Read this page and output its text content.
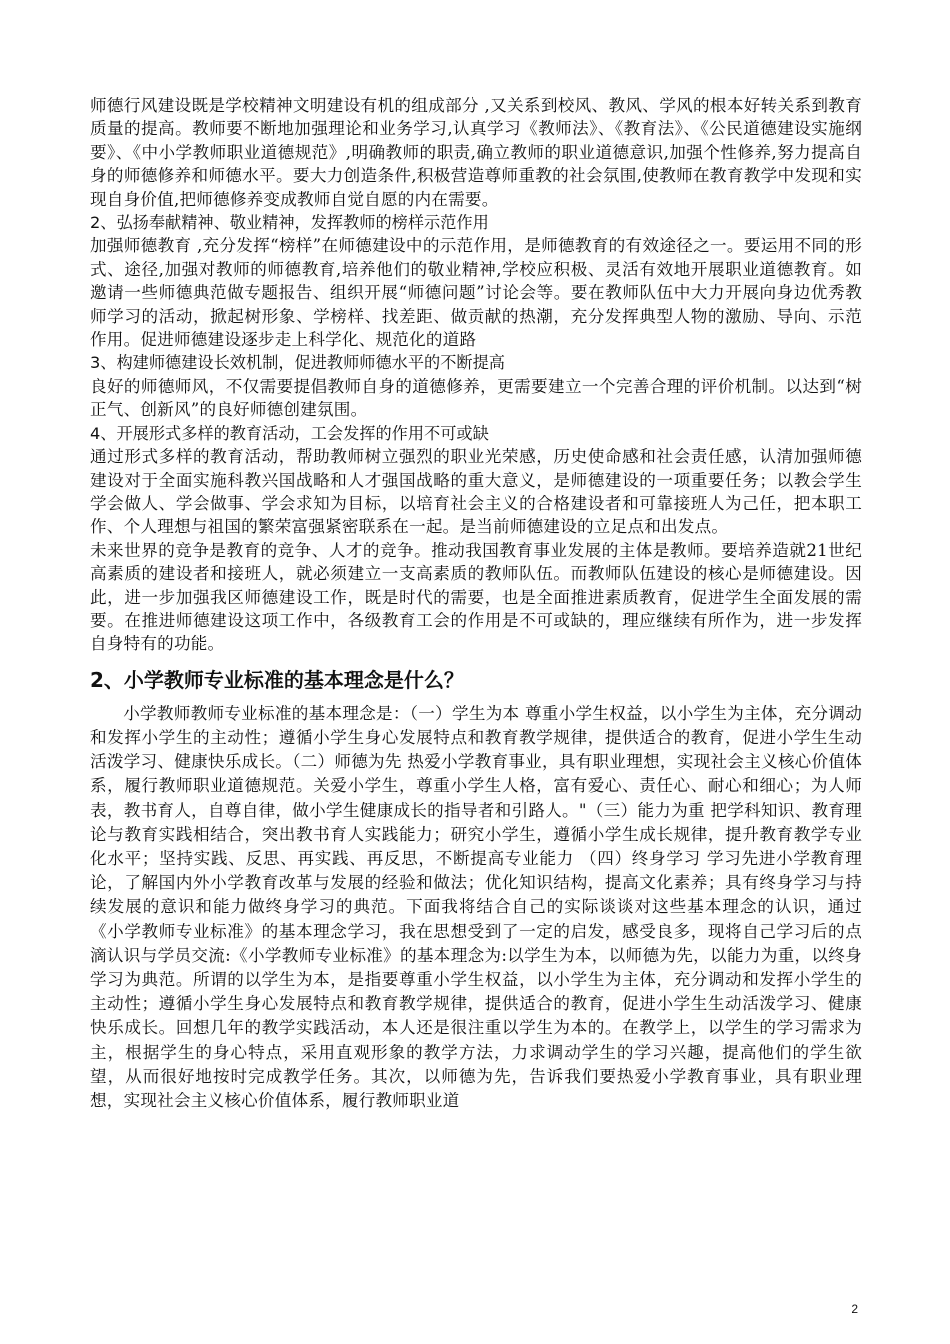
师德行风建设既是学校精神文明建设有机的组成部分 ,又关系到校风、教风、学风的根本好转关系到教育质量的提高。教师要不断地加强理论和业务学习,认真学习《教师法》、《教育法》、《公民道德建设实施纲要》、《中小学教师职业道德规范》,明确教师的职责,确立教师的职业道德意识,加强个性修养,努力提高自身的师德修养和师德水平。要大力创造条件,积极营造尊师重教的社会氛围,使教师在教育教学中发现和实现自身价值,把师德修养变成教师自觉自愿的内在需要。

2、弘扬奉献精神、敬业精神，发挥教师的榜样示范作用

加强师德教育 ,充分发挥“榜样”在师德建设中的示范作用，是师德教育的有效途径之一。要运用不同的形式、途径,加强对教师的师德教育,培养他们的敬业精神,学校应积极、灵活有效地开展职业道德教育。如邀请一些师德典范做专题报告、组织开展“师德问题”讨论会等。要在教师队伍中大力开展向身边优秀教师学习的活动，掀起树形象、学榜样、找差距、做贡献的热潮，充分发挥典型人物的激励、导向、示范作用。促进师德建设逐步走上科学化、规范化的道路

3、构建师德建设长效机制，促进教师师德水平的不断提高

良好的师德师风，不仅需要提倡教师自身的道德修养，更需要建立一个完善合理的评价机制。以达到“树正气、创新风”的良好师德创建氛围。

4、开展形式多样的教育活动，工会发挥的作用不可或缺

通过形式多样的教育活动，帮助教师树立强烈的职业光荣感，历史使命感和社会责任感，认清加强师德建设对于全面实施科教兴国战略和人才强国战略的重大意义，是师德建设的一项重要任务；以教会学生学会做人、学会做事、学会求知为目标，以培育社会主义的合格建设者和可靠接班人为己任，把本职工作、个人理想与祖国的繁荣富强紧密联系在一起。是当前师德建设的立足点和出发点。

未来世界的竞争是教育的竞争、人才的竞争。推动我国教育事业发展的主体是教师。要培养造就21世纪高素质的建设者和接班人，就必须建立一支高素质的教师队伍。而教师队伍建设的核心是师德建设。因此，进一步加强我区师德建设工作，既是时代的需要，也是全面推进素质教育，促进学生全面发展的需要。在推进师德建设这项工作中，各级教育工会的作用是不可或缺的，理应继续有所作为，进一步发挥自身特有的功能。

2、小学教师专业标准的基本理念是什么？

小学教师教师专业标准的基本理念是：（一）学生为本 尊重小学生权益，以小学生为主体，充分调动和发挥小学生的主动性；遵循小学生身心发展特点和教育教学规律，提供适合的教育，促进小学生生动活泼学习、健康快乐成长。（二）师德为先 热爱小学教育事业，具有职业理想，实现社会主义核心价值体系，履行教师职业道德规范。关爱小学生，尊重小学生人格，富有爱心、责任心、耐心和细心；为人师表，教书育人，自尊自律，做小学生健康成长的指导者和引路人。"（三）能力为重 把学科知识、教育理论与教育实践相结合，突出教书育人实践能力；研究小学生，遵循小学生成长规律，提升教育教学专业化水平；坚持实践、反思、再实践、再反思，不断提高专业能力 （四）终身学习 学习先进小学教育理论，了解国内外小学教育改革与发展的经验和做法；优化知识结构，提高文化素养；具有终身学习与持续发展的意识和能力做终身学习的典范。下面我将结合自己的实际谈谈对这些基本理念的认识，通过《小学教师专业标准》的基本理念学习，我在思想受到了一定的启发，感受良多，现将自己学习后的点滴认识与学员交流:《小学教师专业标准》的基本理念为:以学生为本，以师德为先，以能力为重，以终身学习为典范。所谓的以学生为本，是指要尊重小学生权益，以小学生为主体，充分调动和发挥小学生的主动性；遵循小学生身心发展特点和教育教学规律，提供适合的教育，促进小学生生动活泼学习、健康快乐成长。回想几年的教学实践活动，本人还是很注重以学生为本的。在教学上，以学生的学习需求为主，根据学生的身心特点，采用直观形象的教学方法，力求调动学生的学习兴趣，提高他们的学生欲望，从而很好地按时完成教学任务。其次，以师德为先，告诉我们要热爱小学教育事业，具有职业理想，实现社会主义核心价值体系，履行教师职业道

2
